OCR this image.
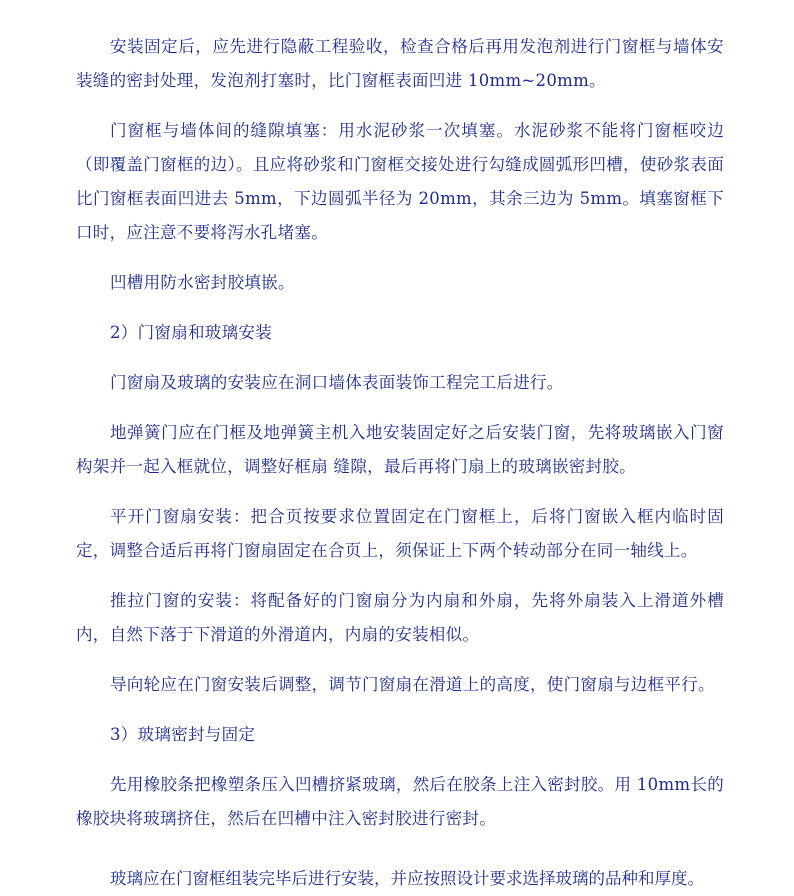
安装固定后，应先进行隐蔽工程验收，检查合格后再用发泡剂进行门窗框与墙体安装缝的密封处理，发泡剂打塞时，比门窗框表面凹进 10mm~20mm。

门窗框与墙体间的缝隙填塞：用水泥砂浆一次填塞。水泥砂浆不能将门窗框咬边（即覆盖门窗框的边）。且应将砂浆和门窗框交接处进行勾缝成圆弧形凹槽，使砂浆表面比门窗框表面凹进去 5mm，下边圆弧半径为 20mm，其余三边为 5mm。填塞窗框下口时，应注意不要将泻水孔堵塞。

凹槽用防水密封胶填嵌。

2）门窗扇和玻璃安装

门窗扇及玻璃的安装应在洞口墙体表面装饰工程完工后进行。

地弹簧门应在门框及地弹簧主机入地安装固定好之后安装门窗，先将玻璃嵌入门窗构架并一起入框就位，调整好框扇 缝隙，最后再将门扇上的玻璃嵌密封胶。

平开门窗扇安装：把合页按要求位置固定在门窗框上，后将门窗嵌入框内临时固定，调整合适后再将门窗扇固定在合页上，须保证上下两个转动部分在同一轴线上。

推拉门窗的安装：将配备好的门窗扇分为内扇和外扇，先将外扇装入上滑道外槽内，自然下落于下滑道的外滑道内，内扇的安装相似。

导向轮应在门窗安装后调整，调节门窗扇在滑道上的高度，使门窗扇与边框平行。

3）玻璃密封与固定

先用橡胶条把橡塑条压入凹槽挤紧玻璃，然后在胶条上注入密封胶。用 10mm长的橡胶块将玻璃挤住，然后在凹槽中注入密封胶进行密封。

玻璃应在门窗框组装完毕后进行安装，并应按照设计要求选择玻璃的品种和厚度。
